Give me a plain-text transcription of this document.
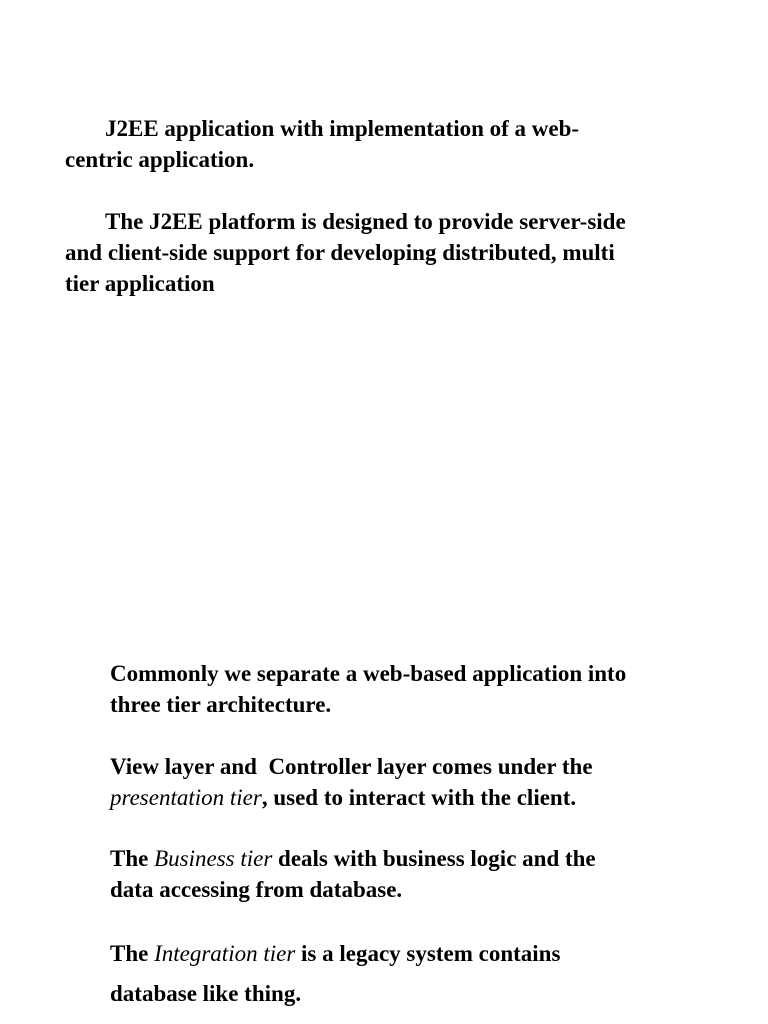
J2EE application with implementation of a web-
centric application.

The J2EE platform is designed to provide server-side
and client-side support for developing distributed, multi
tier application

Commonly we separate a web-based application into
three tier architecture.

View layer and  Controller layer comes under the
presentation tier, used to interact with the client.

The Business tier deals with business logic and the
data accessing from database.

The Integration tier is a legacy system contains
database like thing.
